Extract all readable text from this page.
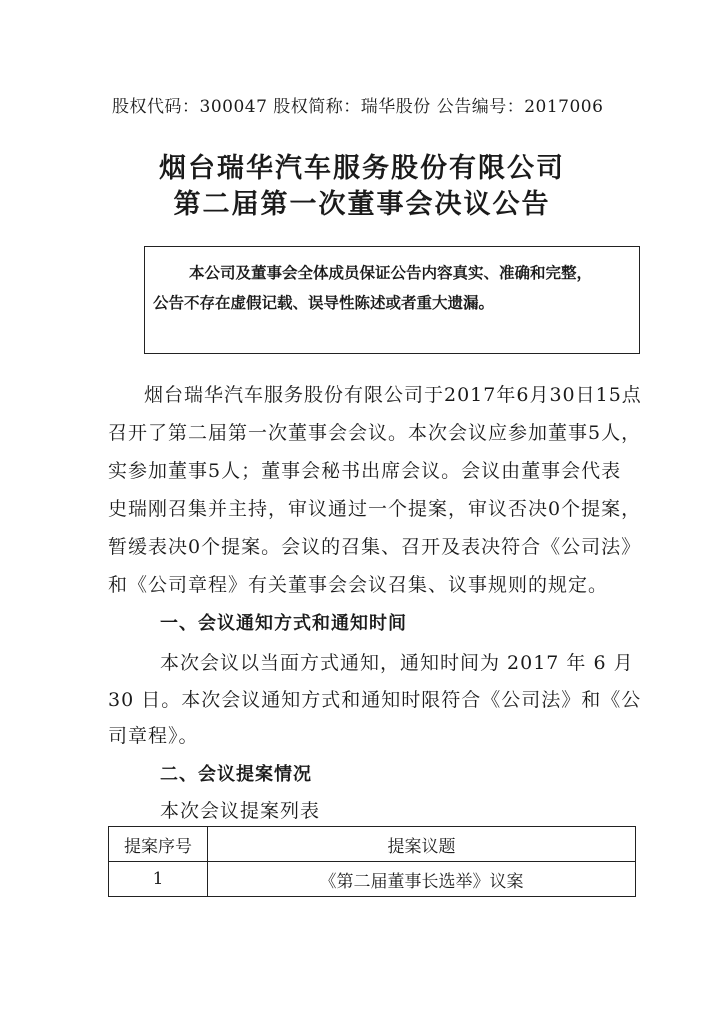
股权代码：300047 股权简称：瑞华股份 公告编号：2017006
烟台瑞华汽车服务股份有限公司
第二届第一次董事会决议公告
本公司及董事会全体成员保证公告内容真实、准确和完整，
公告不存在虚假记载、误导性陈述或者重大遗漏。
烟台瑞华汽车服务股份有限公司于2017年6月30日15点
召开了第二届第一次董事会会议。本次会议应参加董事5人，
实参加董事5人；董事会秘书出席会议。会议由董事会代表
史瑞刚召集并主持，审议通过一个提案，审议否决0个提案，
暂缓表决0个提案。会议的召集、召开及表决符合《公司法》
和《公司章程》有关董事会会议召集、议事规则的规定。
一、会议通知方式和通知时间
本次会议以当面方式通知，通知时间为 2017 年 6 月
30 日。本次会议通知方式和通知时限符合《公司法》和《公
司章程》。
二、会议提案情况
本次会议提案列表
提案序号	提案议题
1	《第二届董事长选举》议案
